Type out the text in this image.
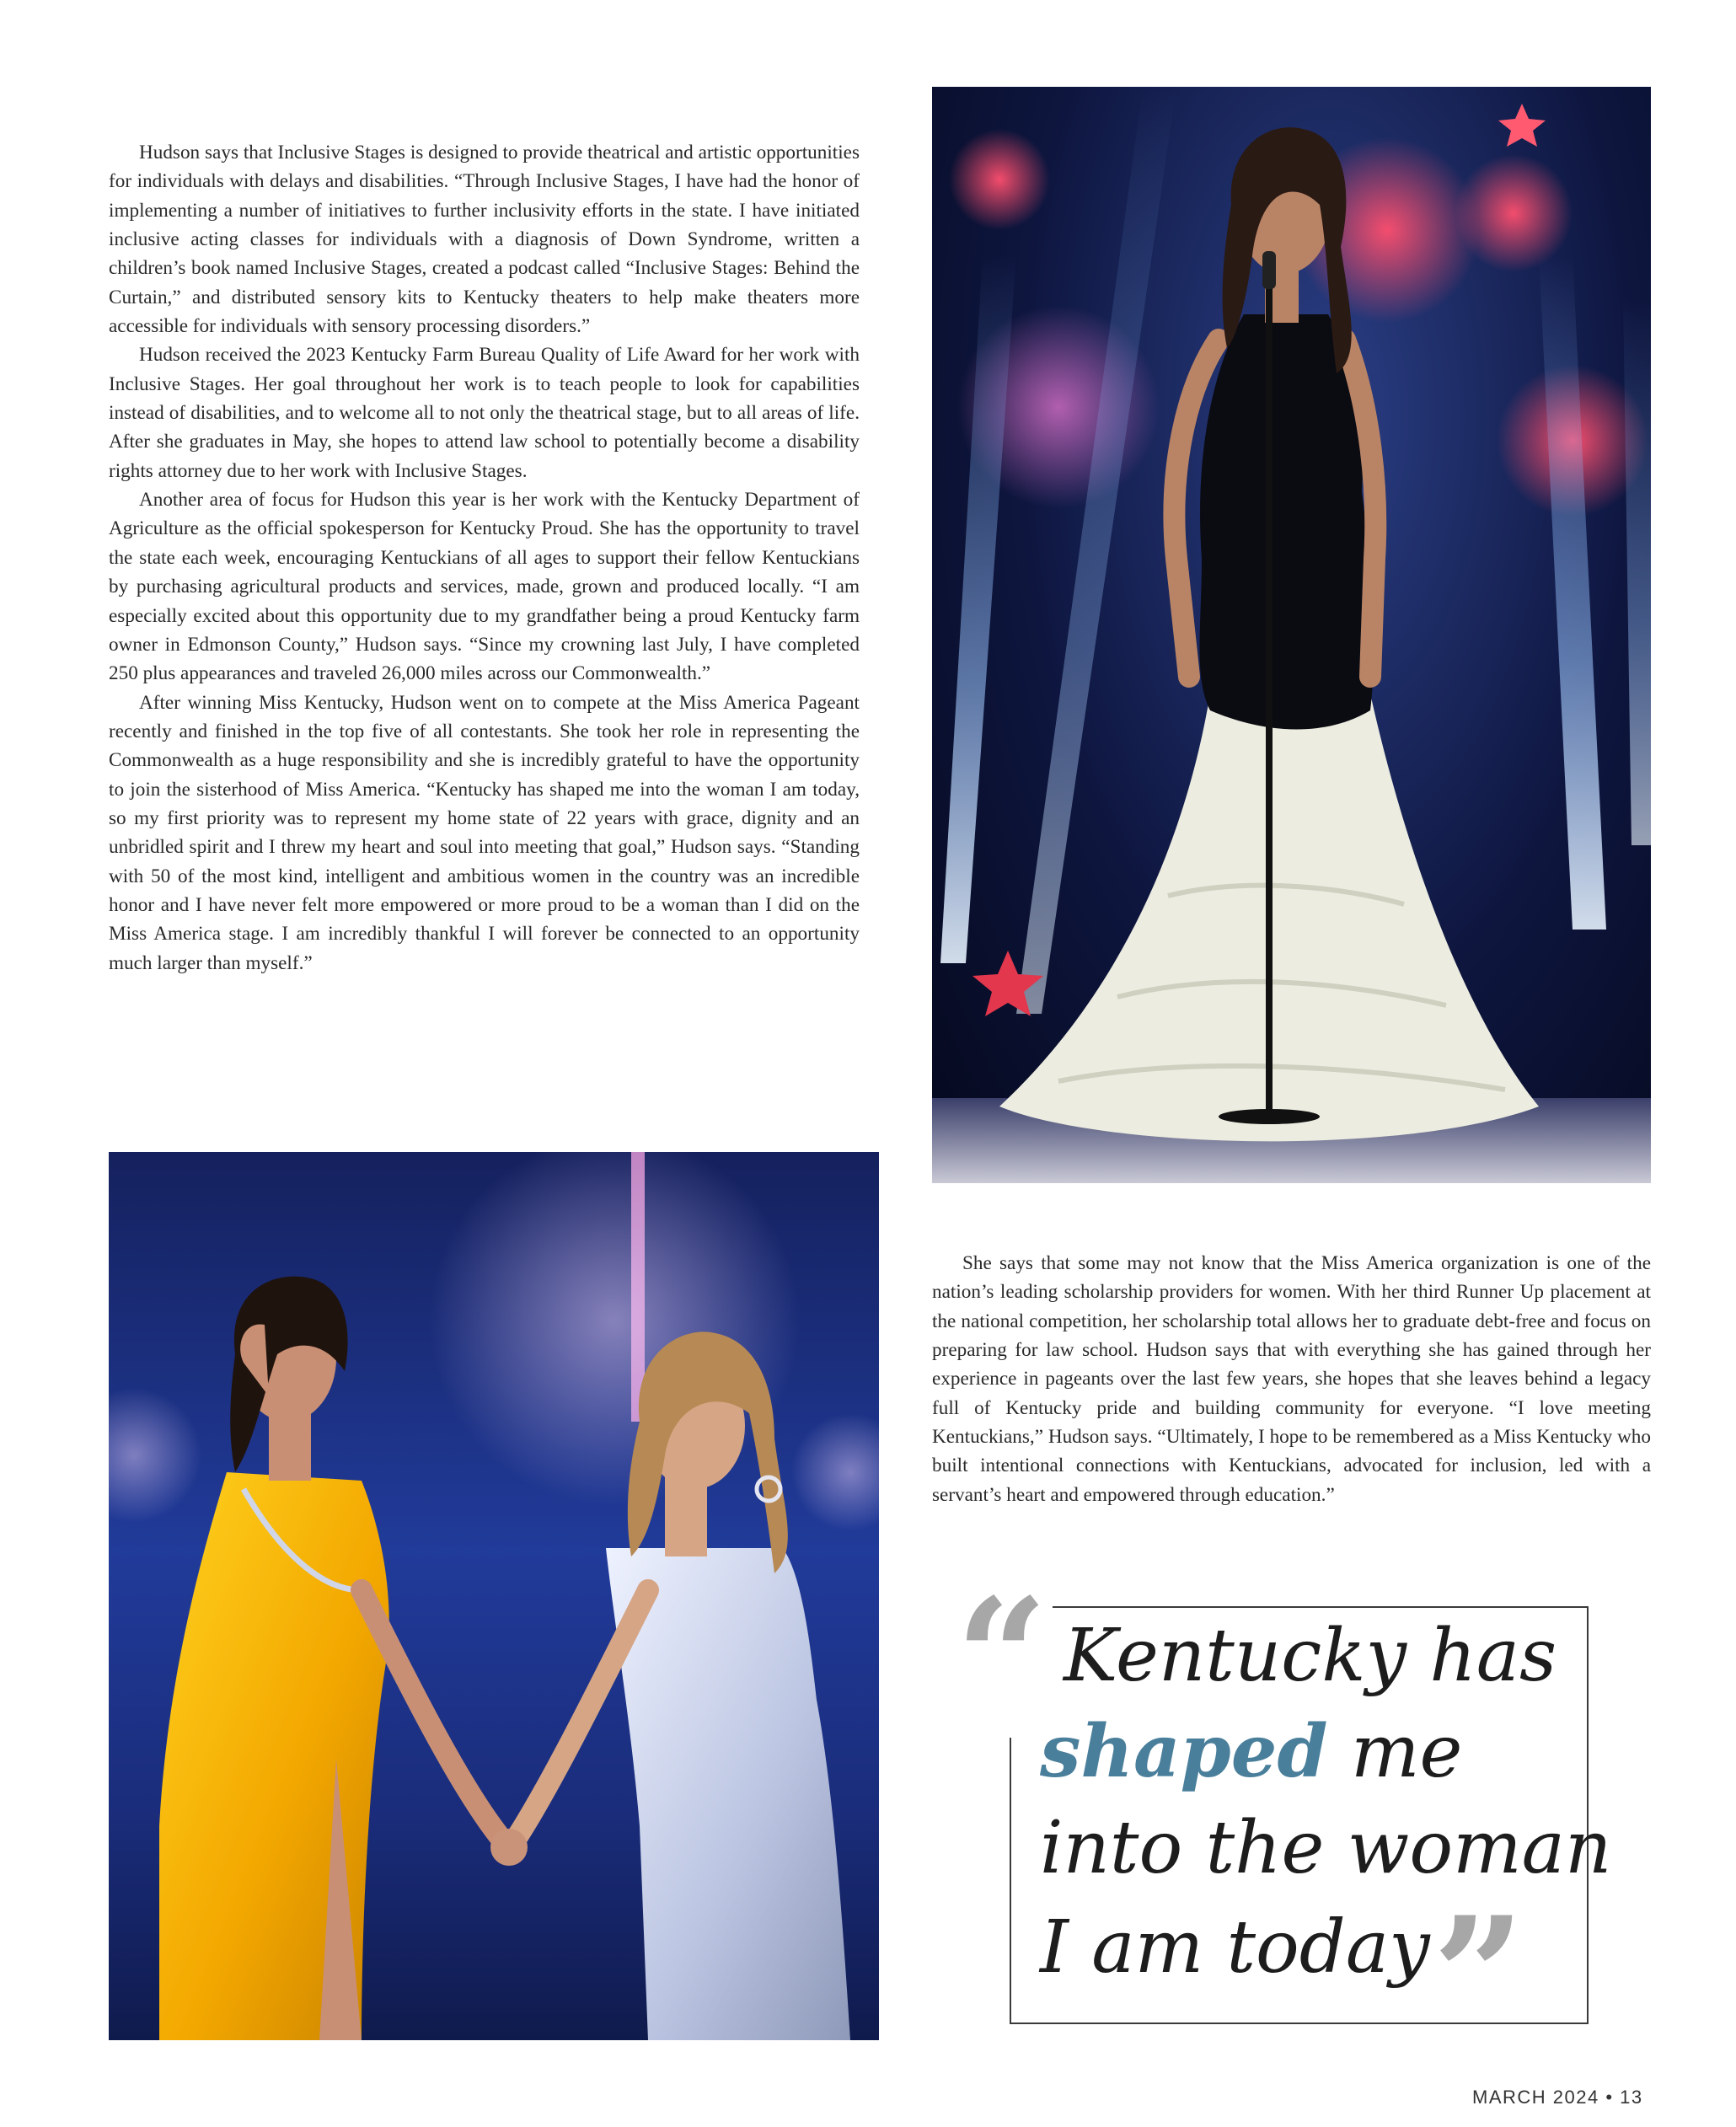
Hudson says that Inclusive Stages is designed to provide theatrical and artistic opportunities for individuals with delays and disabilities. “Through Inclusive Stages, I have had the honor of implementing a number of initiatives to further inclusivity efforts in the state. I have initiated inclusive acting classes for individuals with a diagnosis of Down Syndrome, written a children’s book named Inclusive Stages, created a podcast called “Inclusive Stages: Behind the Curtain,” and distributed sensory kits to Kentucky theaters to help make theaters more accessible for individuals with sensory processing disorders.”

Hudson received the 2023 Kentucky Farm Bureau Quality of Life Award for her work with Inclusive Stages. Her goal throughout her work is to teach people to look for capabilities instead of disabilities, and to welcome all to not only the theatrical stage, but to all areas of life. After she graduates in May, she hopes to attend law school to potentially become a disability rights attorney due to her work with Inclusive Stages.

Another area of focus for Hudson this year is her work with the Kentucky Department of Agriculture as the official spokesperson for Kentucky Proud. She has the opportunity to travel the state each week, encouraging Kentuckians of all ages to support their fellow Kentuckians by purchasing agricultural products and services, made, grown and produced locally. “I am especially excited about this opportunity due to my grandfather being a proud Kentucky farm owner in Edmonson County,” Hudson says. “Since my crowning last July, I have completed 250 plus appearances and traveled 26,000 miles across our Commonwealth.”

After winning Miss Kentucky, Hudson went on to compete at the Miss America Pageant recently and finished in the top five of all contestants. She took her role in representing the Commonwealth as a huge responsibility and she is incredibly grateful to have the opportunity to join the sisterhood of Miss America. “Kentucky has shaped me into the woman I am today, so my first priority was to represent my home state of 22 years with grace, dignity and an unbridled spirit and I threw my heart and soul into meeting that goal,” Hudson says. “Standing with 50 of the most kind, intelligent and ambitious women in the country was an incredible honor and I have never felt more empowered or more proud to be a woman than I did on the Miss America stage. I am incredibly thankful I will forever be connected to an opportunity much larger than myself.”

She says that some may not know that the Miss America organization is one of the nation’s leading scholarship providers for women. With her third Runner Up placement at the national competition, her scholarship total allows her to graduate debt-free and focus on preparing for law school. Hudson says that with everything she has gained through her experience in pageants over the last few years, she hopes that she leaves behind a legacy full of Kentucky pride and building community for everyone. “I love meeting Kentuckians,” Hudson says. “Ultimately, I hope to be remembered as a Miss Kentucky who built intentional connections with Kentuckians, advocated for inclusion, led with a servant’s heart and empowered through education.”

“ Kentucky has
shaped me
into the woman
I am today ”
MARCH 2024 • 13
